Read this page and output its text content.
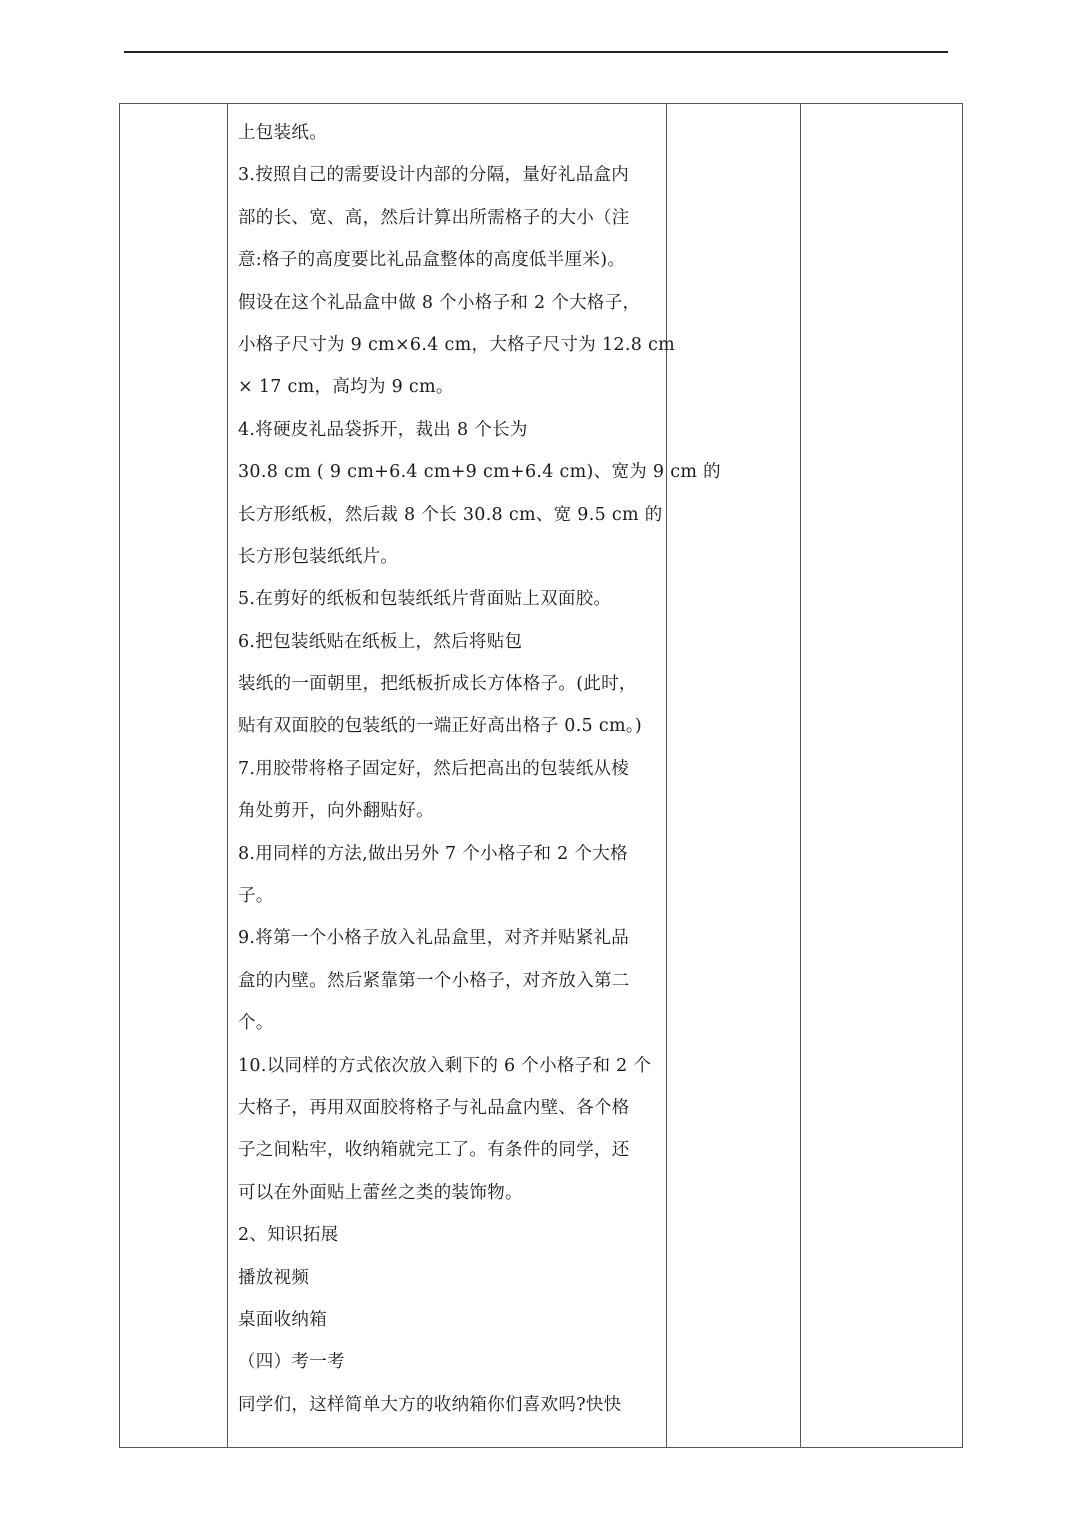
上包装纸。
3.按照自己的需要设计内部的分隔，量好礼品盒内
部的长、宽、高，然后计算出所需格子的大小（注
意:格子的高度要比礼品盒整体的高度低半厘米)。
假设在这个礼品盒中做 8 个小格子和 2 个大格子，
小格子尺寸为 9 cm×6.4 cm，大格子尺寸为 12.8 cm
× 17 cm，高均为 9 cm。
4.将硬皮礼品袋拆开，裁出 8 个长为
30.8 cm ( 9 cm+6.4 cm+9 cm+6.4 cm)、宽为 9 cm 的
长方形纸板，然后裁 8 个长 30.8 cm、宽 9.5 cm 的
长方形包装纸纸片。
5.在剪好的纸板和包装纸纸片背面贴上双面胶。
6.把包装纸贴在纸板上，然后将贴包
装纸的一面朝里，把纸板折成长方体格子。(此时，
贴有双面胶的包装纸的一端正好高出格子 0.5 cm。)
7.用胶带将格子固定好，然后把高出的包装纸从棱
角处剪开，向外翻贴好。
8.用同样的方法,做出另外 7 个小格子和 2 个大格
子。
9.将第一个小格子放入礼品盒里，对齐并贴紧礼品
盒的内壁。然后紧靠第一个小格子，对齐放入第二
个。
10.以同样的方式依次放入剩下的 6 个小格子和 2 个
大格子，再用双面胶将格子与礼品盒内壁、各个格
子之间粘牢，收纳箱就完工了。有条件的同学，还
可以在外面贴上蕾丝之类的装饰物。
2、知识拓展
播放视频
桌面收纳箱
（四）考一考
同学们，这样简单大方的收纳箱你们喜欢吗?快快
